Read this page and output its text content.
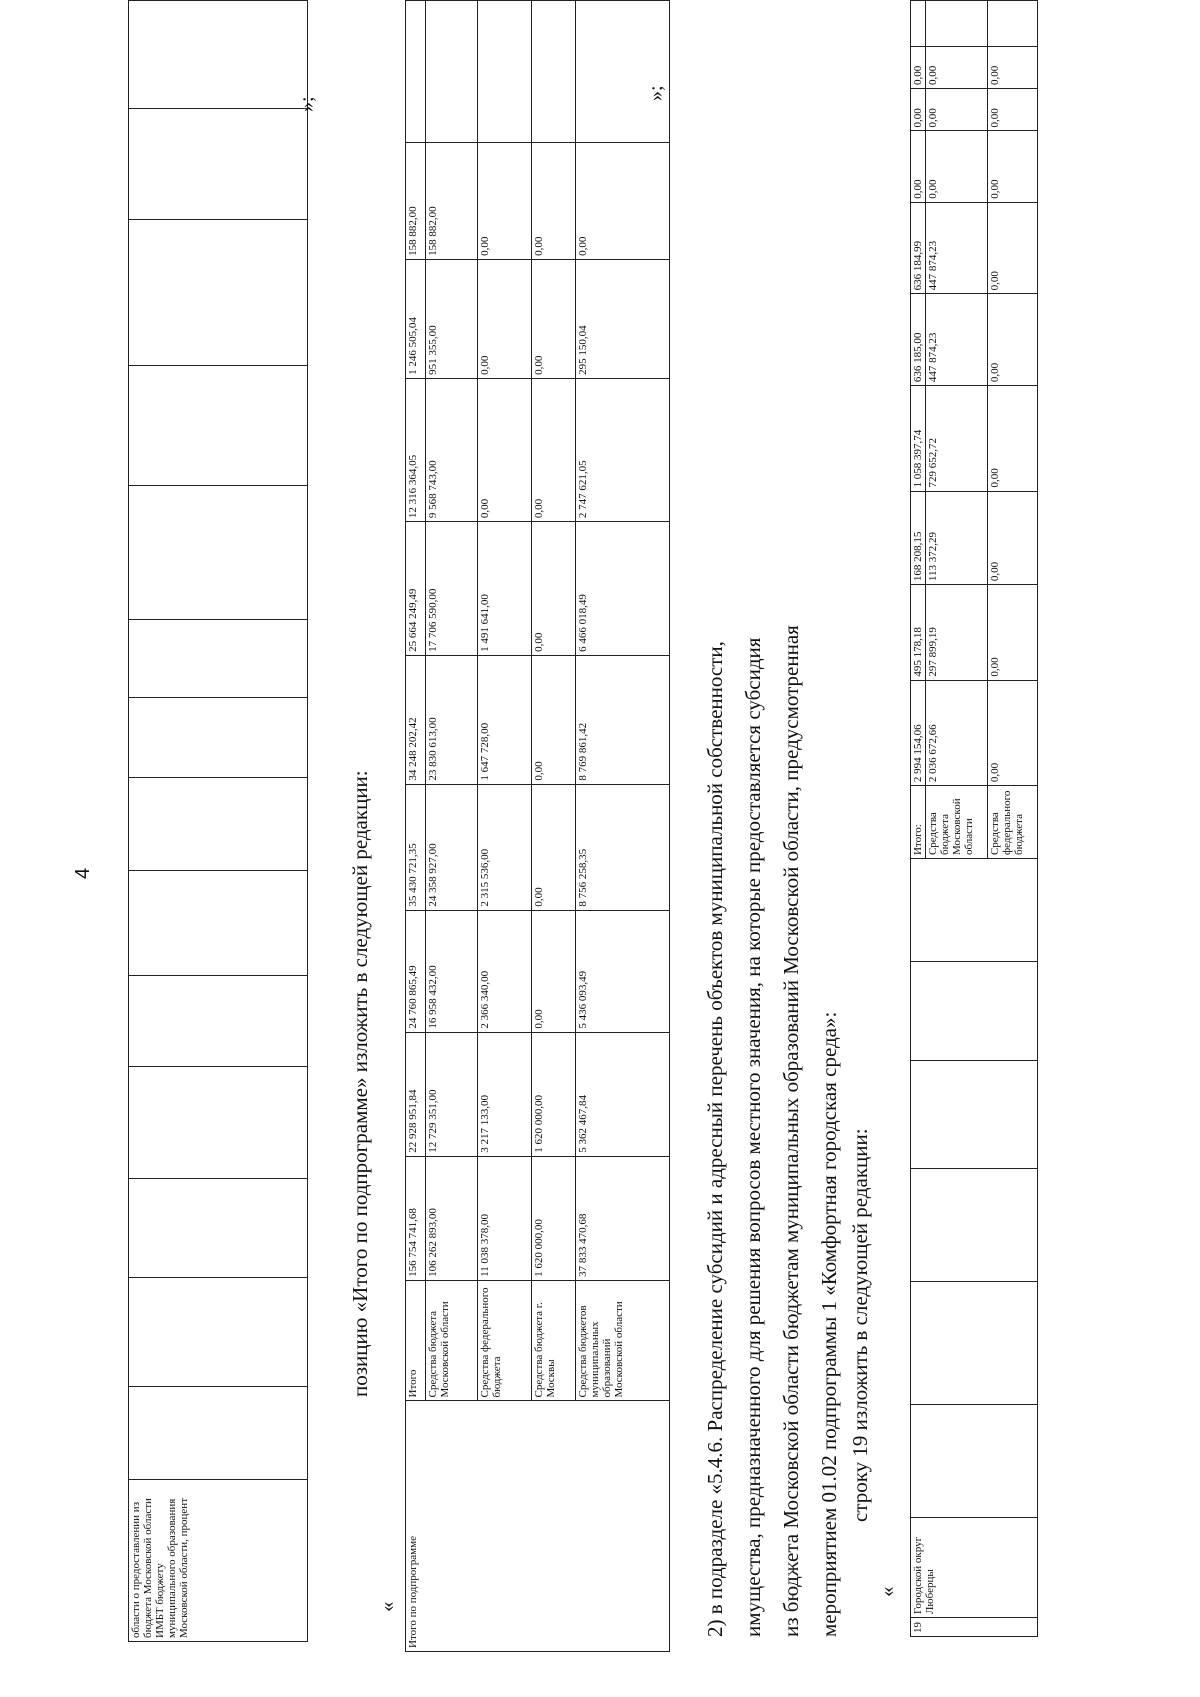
4
области о предоставлении из бюджета Московской области ИМБТ бюджету муниципального образования Московской области, процент														
»;
позицию «Итого по подпрограмме» изложить в следующей редакции:
« Итого по подпрограмме	Итого	156 754 741,68	22 928 951,84	24 760 865,49	35 430 721,35	34 248 202,42	25 664 249,49	12 316 364,05	1 246 505,04	158 882,00	
	Средства бюджета Московской области	106 262 893,00	12 729 351,00	16 958 432,00	24 358 927,00	23 830 613,00	17 706 590,00	9 568 743,00	951 355,00	158 882,00	
	Средства федерального бюджета	11 038 378,00	3 217 133,00	2 366 340,00	2 315 536,00	1 647 728,00	1 491 641,00	0,00	0,00	0,00	
	Средства бюджета г. Москвы	1 620 000,00	1 620 000,00	0,00	0,00	0,00	0,00	0,00	0,00	0,00	
	Средства бюджетов муниципальных образований Московской области	37 833 470,68	5 362 467,84	5 436 093,49	8 756 258,35	8 769 861,42	6 466 018,49	2 747 621,05	295 150,04	0,00	
»;
2) в подразделе «5.4.6. Распределение субсидий и адресный перечень объектов муниципальной собственности, имущества, предназначенного для решения вопросов местного значения, на которые предоставляется субсидия из бюджета Московской области бюджетам муниципальных образований Московской области, предусмотренная мероприятием 01.02 подпрограммы 1 «Комфортная городская среда»: строку 19 изложить в следующей редакции:
«
19	Городской округ Люберцы							Итого:	2 994 154,06	495 178,18	168 208,15	1 058 397,74	636 185,00	636 184,99	0,00	0,00	0,00	
								Средства бюджета Московской области	2 036 672,66	297 899,19	113 372,29	729 652,72	447 874,23	447 874,23	0,00	0,00	0,00	
								Средства федерального бюджета	0,00	0,00	0,00	0,00	0,00	0,00	0,00	0,00	0,00	
